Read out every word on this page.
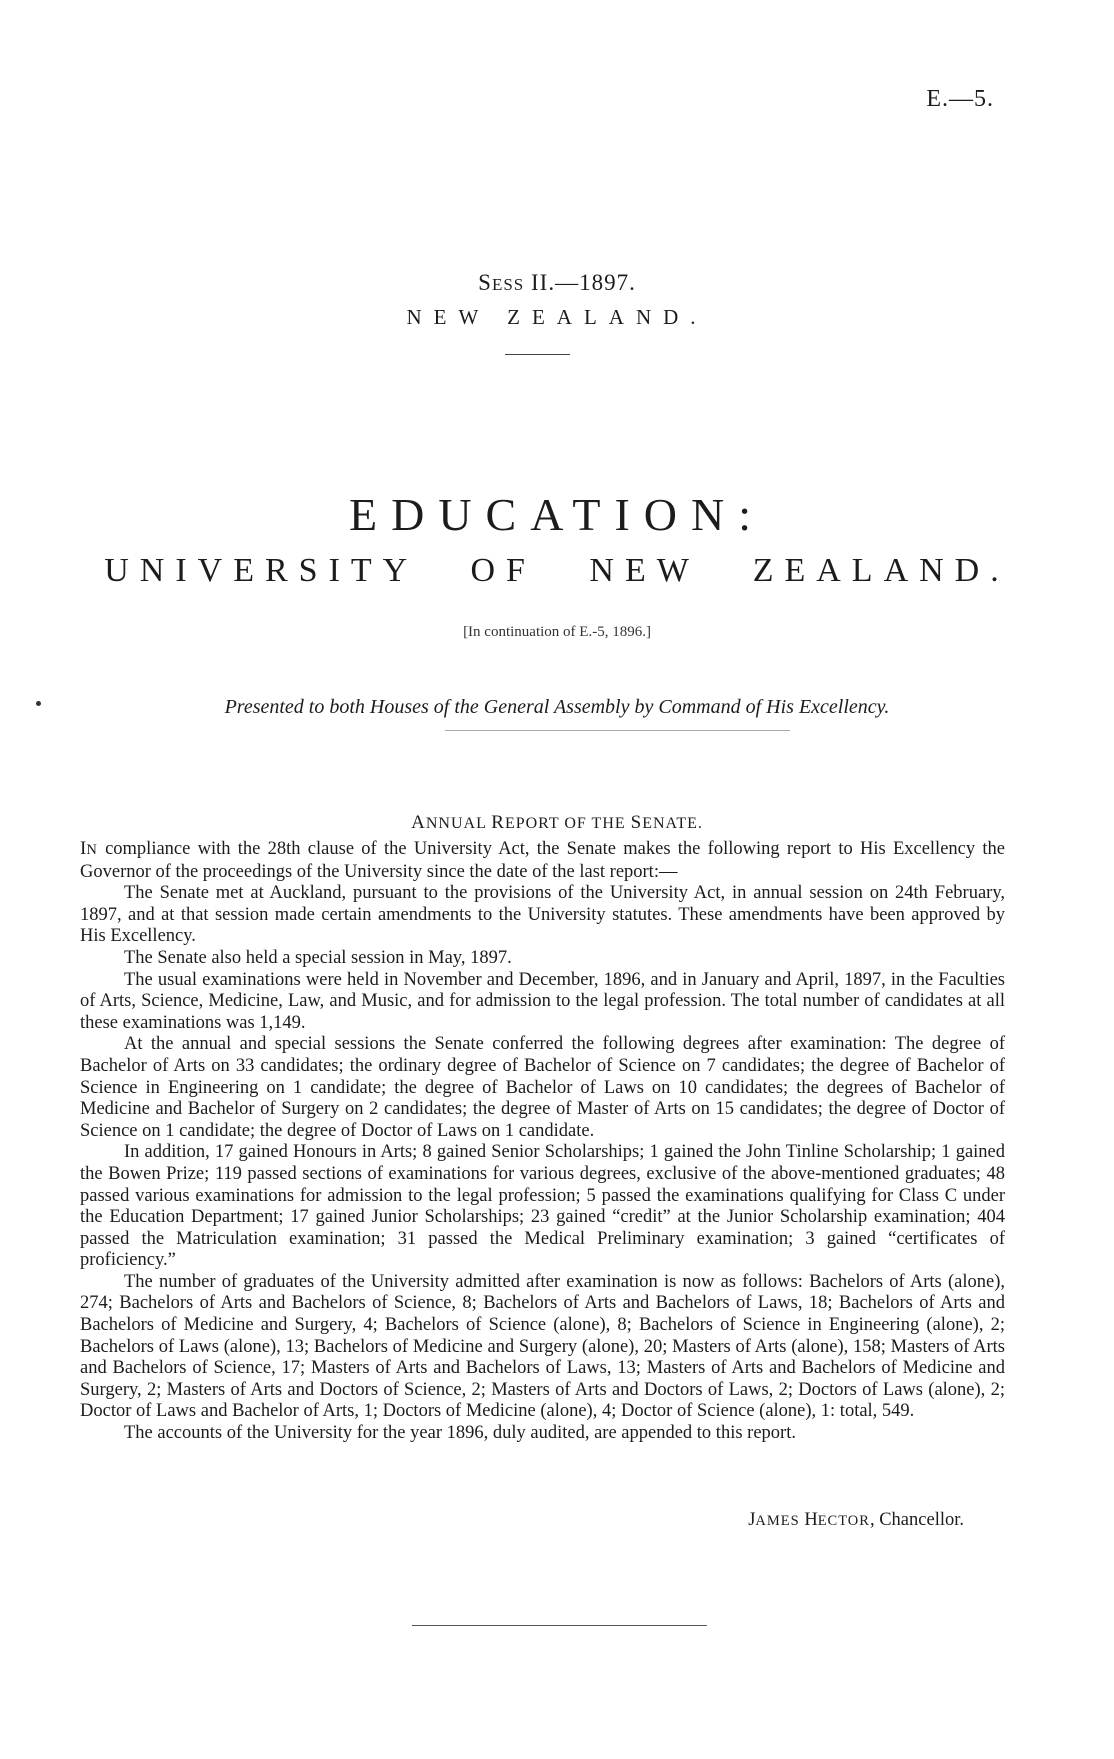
E.—5.
SESS II.—1897.
NEW ZEALAND.
EDUCATION:
UNIVERSITY OF NEW ZEALAND.
[In continuation of E.-5, 1896.]
Presented to both Houses of the General Assembly by Command of His Excellency.
ANNUAL REPORT OF THE SENATE.

IN compliance with the 28th clause of the University Act, the Senate makes the following report to His Excellency the Governor of the proceedings of the University since the date of the last report:—

The Senate met at Auckland, pursuant to the provisions of the University Act, in annual session on 24th February, 1897, and at that session made certain amendments to the University statutes. These amendments have been approved by His Excellency.

The Senate also held a special session in May, 1897.

The usual examinations were held in November and December, 1896, and in January and April, 1897, in the Faculties of Arts, Science, Medicine, Law, and Music, and for admission to the legal profession. The total number of candidates at all these examinations was 1,149.

At the annual and special sessions the Senate conferred the following degrees after examination: The degree of Bachelor of Arts on 33 candidates; the ordinary degree of Bachelor of Science on 7 candidates; the degree of Bachelor of Science in Engineering on 1 candidate; the degree of Bachelor of Laws on 10 candidates; the degrees of Bachelor of Medicine and Bachelor of Surgery on 2 candidates; the degree of Master of Arts on 15 candidates; the degree of Doctor of Science on 1 candidate; the degree of Doctor of Laws on 1 candidate.

In addition, 17 gained Honours in Arts; 8 gained Senior Scholarships; 1 gained the John Tinline Scholarship; 1 gained the Bowen Prize; 119 passed sections of examinations for various degrees, exclusive of the above-mentioned graduates; 48 passed various examinations for admission to the legal profession; 5 passed the examinations qualifying for Class C under the Education Department; 17 gained Junior Scholarships; 23 gained “credit” at the Junior Scholarship examination; 404 passed the Matriculation examination; 31 passed the Medical Preliminary examination; 3 gained “certificates of proficiency.”

The number of graduates of the University admitted after examination is now as follows: Bachelors of Arts (alone), 274; Bachelors of Arts and Bachelors of Science, 8; Bachelors of Arts and Bachelors of Laws, 18; Bachelors of Arts and Bachelors of Medicine and Surgery, 4; Bachelors of Science (alone), 8; Bachelors of Science in Engineering (alone), 2; Bachelors of Laws (alone), 13; Bachelors of Medicine and Surgery (alone), 20; Masters of Arts (alone), 158; Masters of Arts and Bachelors of Science, 17; Masters of Arts and Bachelors of Laws, 13; Masters of Arts and Bachelors of Medicine and Surgery, 2; Masters of Arts and Doctors of Science, 2; Masters of Arts and Doctors of Laws, 2; Doctors of Laws (alone), 2; Doctor of Laws and Bachelor of Arts, 1; Doctors of Medicine (alone), 4; Doctor of Science (alone), 1: total, 549.

The accounts of the University for the year 1896, duly audited, are appended to this report.

JAMES HECTOR, Chancellor.
